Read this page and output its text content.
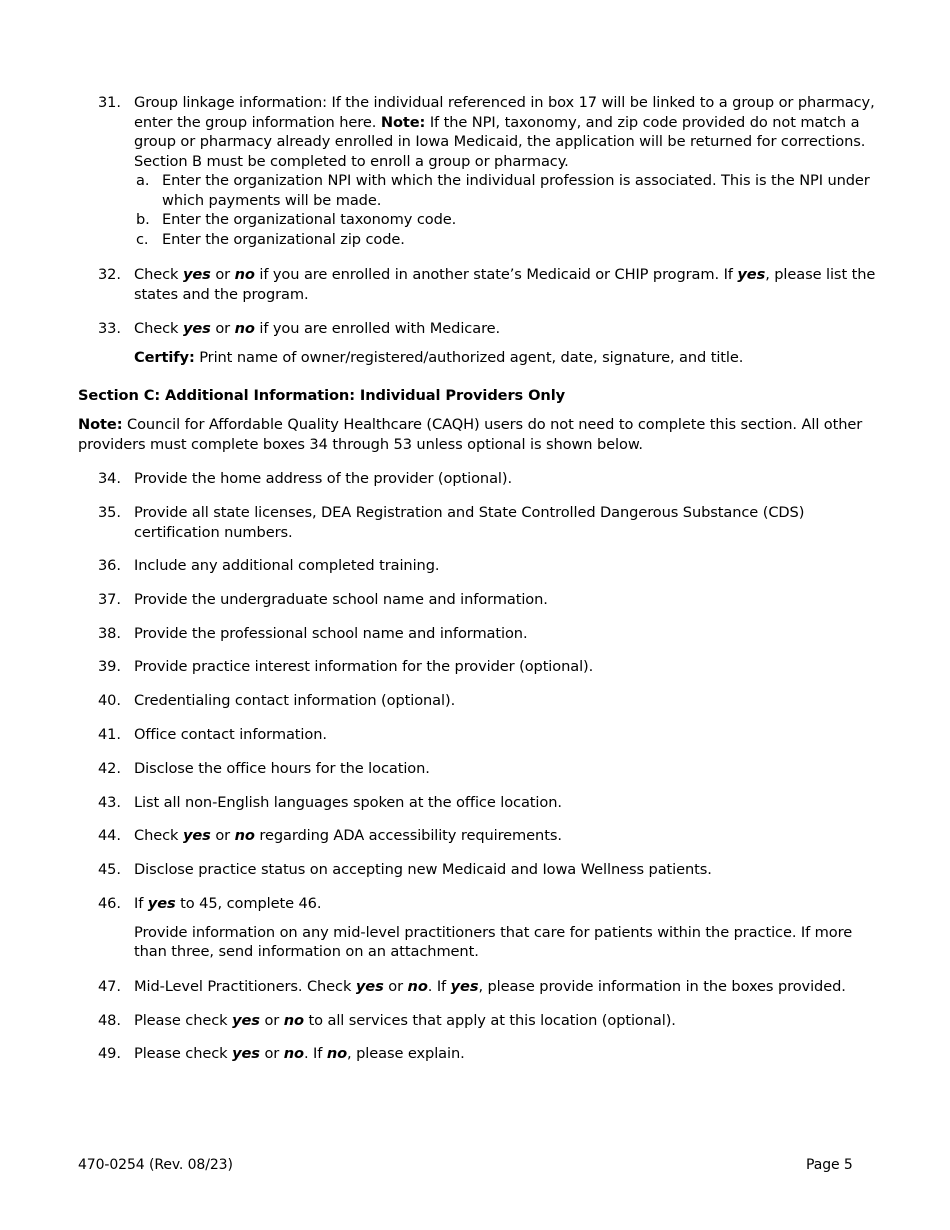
31. Group linkage information: If the individual referenced in box 17 will be linked to a group or pharmacy, enter the group information here. Note: If the NPI, taxonomy, and zip code provided do not match a group or pharmacy already enrolled in Iowa Medicaid, the application will be returned for corrections. Section B must be completed to enroll a group or pharmacy.
a. Enter the organization NPI with which the individual profession is associated. This is the NPI under which payments will be made.
b. Enter the organizational taxonomy code.
c. Enter the organizational zip code.
32. Check yes or no if you are enrolled in another state’s Medicaid or CHIP program. If yes, please list the states and the program.
33. Check yes or no if you are enrolled with Medicare.
Certify: Print name of owner/registered/authorized agent, date, signature, and title.
Section C: Additional Information: Individual Providers Only
Note: Council for Affordable Quality Healthcare (CAQH) users do not need to complete this section. All other providers must complete boxes 34 through 53 unless optional is shown below.
34. Provide the home address of the provider (optional).
35. Provide all state licenses, DEA Registration and State Controlled Dangerous Substance (CDS) certification numbers.
36. Include any additional completed training.
37. Provide the undergraduate school name and information.
38. Provide the professional school name and information.
39. Provide practice interest information for the provider (optional).
40. Credentialing contact information (optional).
41. Office contact information.
42. Disclose the office hours for the location.
43. List all non-English languages spoken at the office location.
44. Check yes or no regarding ADA accessibility requirements.
45. Disclose practice status on accepting new Medicaid and Iowa Wellness patients.
46. If yes to 45, complete 46.
Provide information on any mid-level practitioners that care for patients within the practice. If more than three, send information on an attachment.
47. Mid-Level Practitioners. Check yes or no. If yes, please provide information in the boxes provided.
48. Please check yes or no to all services that apply at this location (optional).
49. Please check yes or no. If no, please explain.
470-0254 (Rev. 08/23)	Page 5
